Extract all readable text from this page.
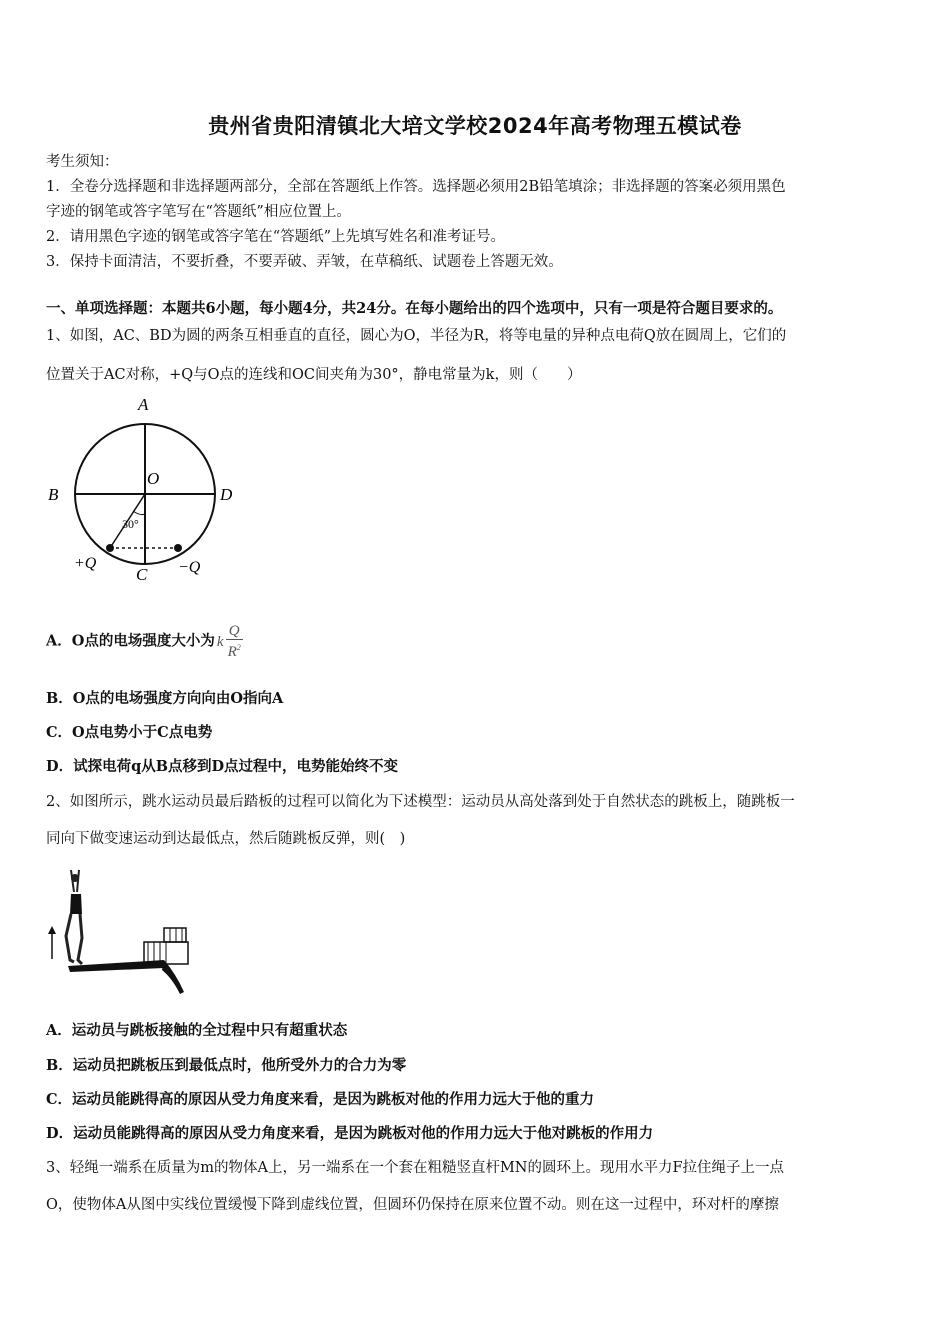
贵州省贵阳清镇北大培文学校2024年高考物理五模试卷
考生须知：
1．全卷分选择题和非选择题两部分，全部在答题纸上作答。选择题必须用2B铅笔填涂；非选择题的答案必须用黑色
字迹的钢笔或答字笔写在“答题纸”相应位置上。
2．请用黑色字迹的钢笔或答字笔在“答题纸”上先填写姓名和准考证号。
3．保持卡面清洁，不要折叠，不要弄破、弄皱，在草稿纸、试题卷上答题无效。
一、单项选择题：本题共6小题，每小题4分，共24分。在每小题给出的四个选项中，只有一项是符合题目要求的。
1、如图，AC、BD为圆的两条互相垂直的直径，圆心为O，半径为R，将等电量的异种点电荷Q放在圆周上，它们的
位置关于AC对称，+Q与O点的连线和OC间夹角为30°，静电常量为k，则（　　）
A
B	D
O
C
30°
+Q	−Q
A．O点的电场强度大小为 k $\frac{Q}{R^2}$
B．O点的电场强度方向向由O指向A
C．O点电势小于C点电势
D．试探电荷q从B点移到D点过程中，电势能始终不变
2、如图所示，跳水运动员最后踏板的过程可以简化为下述模型：运动员从高处落到处于自然状态的跳板上，随跳板一
同向下做变速运动到达最低点，然后随跳板反弹，则(　)
A．运动员与跳板接触的全过程中只有超重状态
B．运动员把跳板压到最低点时，他所受外力的合力为零
C．运动员能跳得高的原因从受力角度来看，是因为跳板对他的作用力远大于他的重力
D．运动员能跳得高的原因从受力角度来看，是因为跳板对他的作用力远大于他对跳板的作用力
3、轻绳一端系在质量为m的物体A上，另一端系在一个套在粗糙竖直杆MN的圆环上。现用水平力F拉住绳子上一点
O，使物体A从图中实线位置缓慢下降到虚线位置，但圆环仍保持在原来位置不动。则在这一过程中，环对杆的摩擦
